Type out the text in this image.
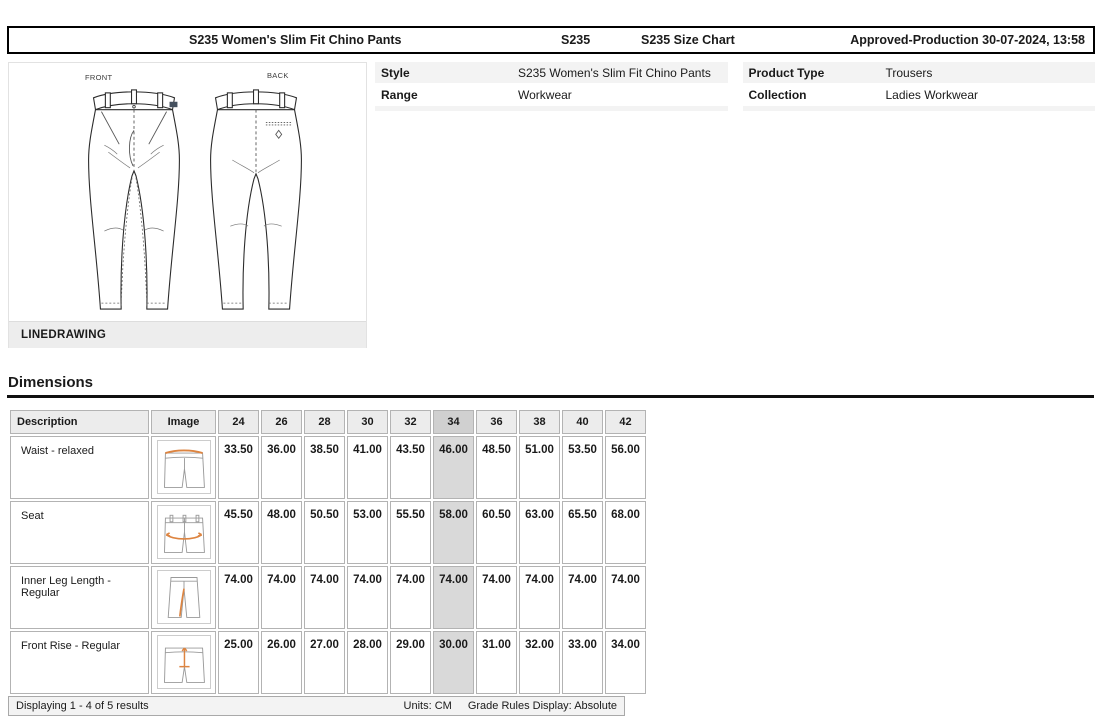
S235 Women's Slim Fit Chino Pants	S235	S235 Size Chart	Approved-Production 30-07-2024, 13:58
FRONT	BACK
LINEDRAWING
Style	S235 Women's Slim Fit Chino Pants
Range	Workwear
Product Type	Trousers
Collection	Ladies Workwear
Dimensions
Description	Image	24	26	28	30	32	34	36	38	40	42
Waist - relaxed		33.50	36.00	38.50	41.00	43.50	46.00	48.50	51.00	53.50	56.00
Seat		45.50	48.00	50.50	53.00	55.50	58.00	60.50	63.00	65.50	68.00
Inner Leg Length - Regular		74.00	74.00	74.00	74.00	74.00	74.00	74.00	74.00	74.00	74.00
Front Rise - Regular		25.00	26.00	27.00	28.00	29.00	30.00	31.00	32.00	33.00	34.00
Displaying 1 - 4 of 5 results	Units: CM Grade Rules Display: Absolute
